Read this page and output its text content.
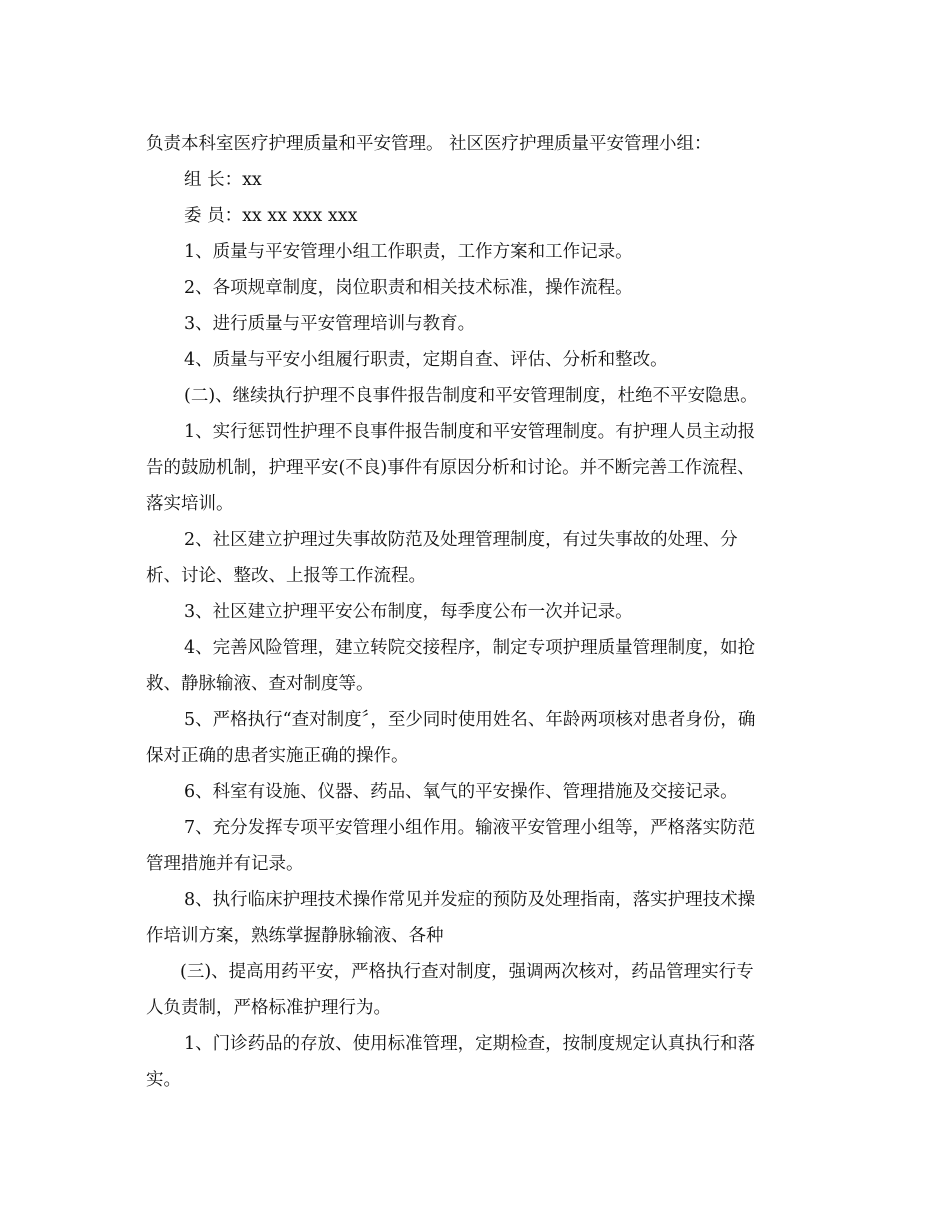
负责本科室医疗护理质量和平安管理。 社区医疗护理质量平安管理小组：
组 长：xx
委 员：xx xx xxx xxx
1、质量与平安管理小组工作职责，工作方案和工作记录。
2、各项规章制度，岗位职责和相关技术标准，操作流程。
3、进行质量与平安管理培训与教育。
4、质量与平安小组履行职责，定期自查、评估、分析和整改。
(二)、继续执行护理不良事件报告制度和平安管理制度，杜绝不平安隐患。
1、实行惩罚性护理不良事件报告制度和平安管理制度。有护理人员主动报
告的鼓励机制，护理平安(不良)事件有原因分析和讨论。并不断完善工作流程、
落实培训。
2、社区建立护理过失事故防范及处理管理制度，有过失事故的处理、分
析、讨论、整改、上报等工作流程。
3、社区建立护理平安公布制度，每季度公布一次并记录。
4、完善风险管理，建立转院交接程序，制定专项护理质量管理制度，如抢
救、静脉输液、查对制度等。
5、严格执行“查对制度〞，至少同时使用姓名、年龄两项核对患者身份，确
保对正确的患者实施正确的操作。
6、科室有设施、仪器、药品、氧气的平安操作、管理措施及交接记录。
7、充分发挥专项平安管理小组作用。输液平安管理小组等，严格落实防范
管理措施并有记录。
8、执行临床护理技术操作常见并发症的预防及处理指南，落实护理技术操
作培训方案，熟练掌握静脉输液、各种
(三)、提高用药平安，严格执行查对制度，强调两次核对，药品管理实行专
人负责制，严格标准护理行为。
1、门诊药品的存放、使用标准管理，定期检查，按制度规定认真执行和落
实。
